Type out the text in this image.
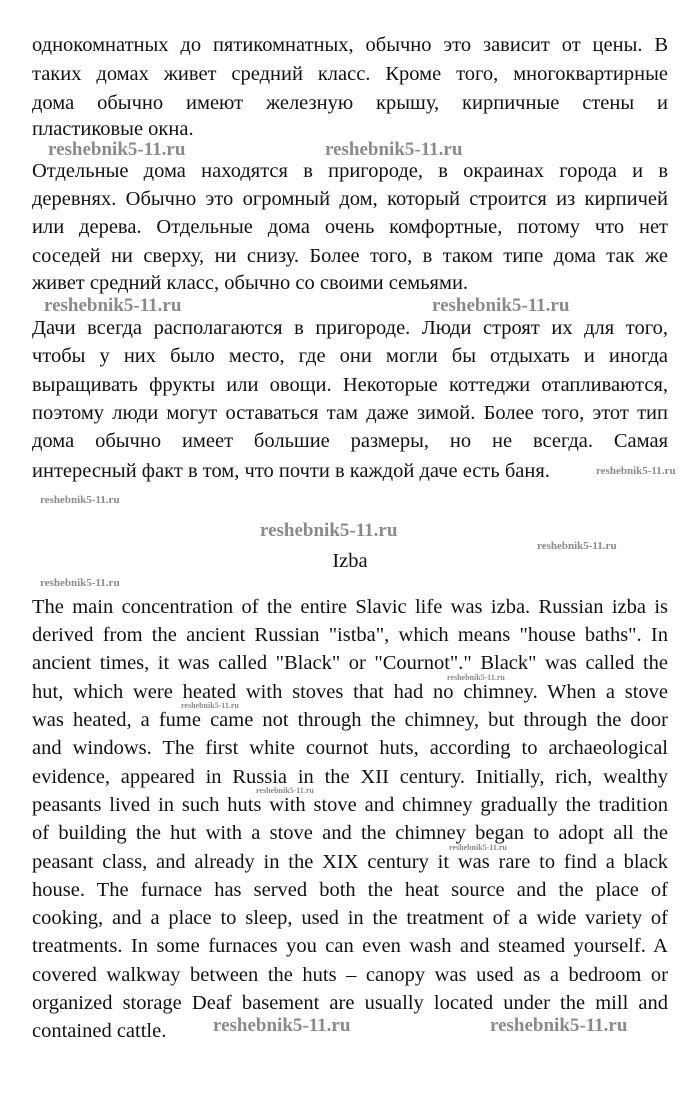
однокомнатных до пятикомнатных, обычно это зависит от цены. В
таких домах живет средний класс. Кроме того, многоквартирные
дома обычно имеют железную крышу, кирпичные стены и
пластиковые окна.
Отдельные дома находятся в пригороде, в окраинах города и в
деревнях. Обычно это огромный дом, который строится из кирпичей
или дерева. Отдельные дома очень комфортные, потому что нет
соседей ни сверху, ни снизу. Более того, в таком типе дома так же
живет средний класс, обычно со своими семьями.
Дачи всегда располагаются в пригороде. Люди строят их для того,
чтобы у них было место, где они могли бы отдыхать и иногда
выращивать фрукты или овощи. Некоторые коттеджи отапливаются,
поэтому люди могут оставаться там даже зимой. Более того, этот тип
дома обычно имеет большие размеры, но не всегда. Самая
интересный факт в том, что почти в каждой даче есть баня.
Izba
The main concentration of the entire Slavic life was izba. Russian izba is
derived from the ancient Russian "istba", which means "house baths". In
ancient times, it was called "Black" or "Cournot"." Black" was called the
hut, which were heated with stoves that had no chimney. When a stove
was heated, a fume came not through the chimney, but through the door
and windows. The first white cournot huts, according to archaeological
evidence, appeared in Russia in the XII century. Initially, rich, wealthy
peasants lived in such huts with stove and chimney gradually the tradition
of building the hut with a stove and the chimney began to adopt all the
peasant class, and already in the XIX century it was rare to find a black
house. The furnace has served both the heat source and the place of
cooking, and a place to sleep, used in the treatment of a wide variety of
treatments. In some furnaces you can even wash and steamed yourself. A
covered walkway between the huts – canopy was used as a bedroom or
organized storage Deaf basement are usually located under the mill and
contained cattle.
reshebnik5-11.ru	reshebnik5-11.ru
reshebnik5-11.ru	reshebnik5-11.ru
reshebnik5-11.ru
reshebnik5-11.ru
reshebnik5-11.ru
reshebnik5-11.ru
reshebnik5-11.ru
reshebnik5-11.ru
reshebnik5-11.ru
reshebnik5-11.ru
reshebnik5-11.ru
reshebnik5-11.ru	reshebnik5-11.ru
